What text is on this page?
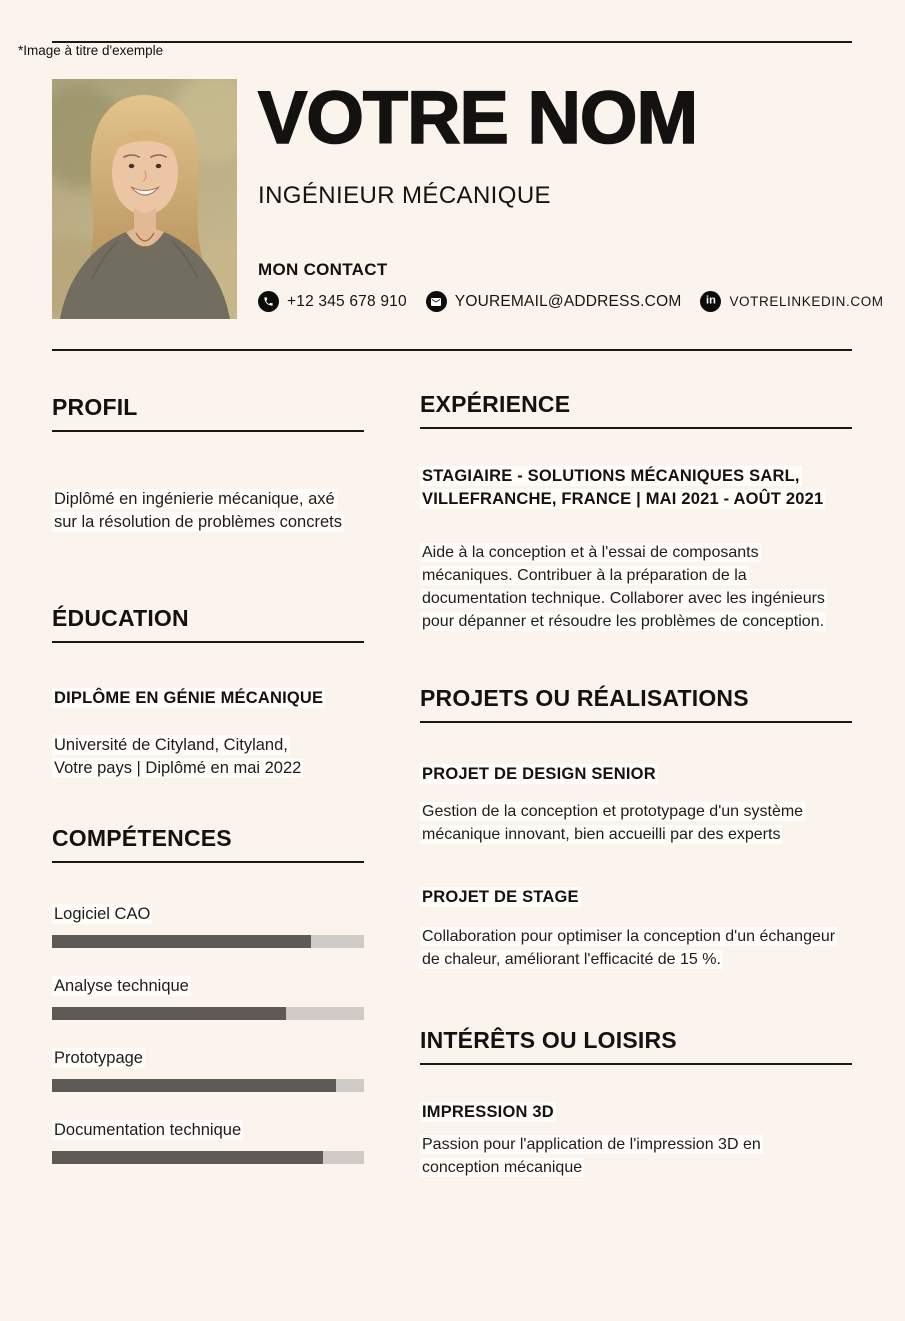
*Image à titre d'exemple
VOTRE NOM
INGÉNIEUR MÉCANIQUE
MON CONTACT
+12 345 678 910	YOUREMAIL@ADDRESS.COM in VOTRELINKEDIN.COM
PROFIL

Diplômé en ingénierie mécanique, axé sur la résolution de problèmes concrets

ÉDUCATION
DIPLÔME EN GÉNIE MÉCANIQUE

Université de Cityland, Cityland,
Votre pays | Diplômé en mai 2022

COMPÉTENCES
Logiciel CAO
Analyse technique
Prototypage
Documentation technique
EXPÉRIENCE
STAGIAIRE - SOLUTIONS MÉCANIQUES SARL,
VILLEFRANCHE, FRANCE | MAI 2021 - AOÛT 2021

Aide à la conception et à l'essai de composants mécaniques. Contribuer à la préparation de la documentation technique. Collaborer avec les ingénieurs pour dépanner et résoudre les problèmes de conception.

PROJETS OU RÉALISATIONS
PROJET DE DESIGN SENIOR

Gestion de la conception et prototypage d'un système mécanique innovant, bien accueilli par des experts

PROJET DE STAGE

Collaboration pour optimiser la conception d'un échangeur de chaleur, améliorant l'efficacité de 15 %.

INTÉRÊTS OU LOISIRS
IMPRESSION 3D

Passion pour l'application de l'impression 3D en conception mécanique
